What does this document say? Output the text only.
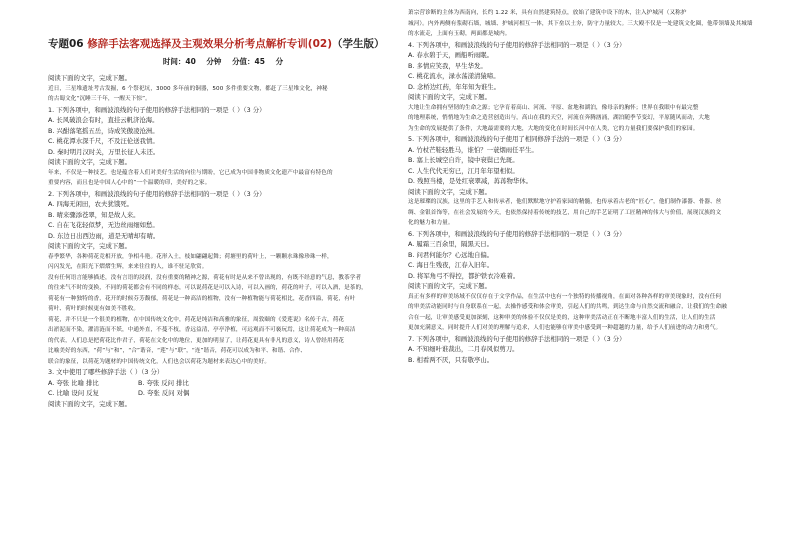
专题06 修辞手法客观选择及主观效果分析考点解析专训(02)（学生版）
时间：40 分钟 分值：45 分
阅读下面的文字，完成下题。
近日，三星堆遗址考古发掘，6 个祭祀坑，3000 多年前的铜器，500 多件重要文物，都赶了三星堆文化，神秘
的古蜀文化“沉睡三千年，一醒天下惊”。
1. 下列各项中，和画波浪线的句子使用的修辞手法相同的一项是（ ）（3 分）
A. 长风破浪会有时，直挂云帆济沧海。
B. 兴酣落笔摇五岳，诗成笑傲凌沧洲。
C. 桃花潭水深千尺，不及汪伦送我情。
D. 秦时明月汉时关，万里长征人未还。
阅读下面的文字，完成下题。
年来，不仅是一种技艺，也是蕴含着人们对美好生活的向往与期盼，它已成为中国非物质文化遗产中最富有特色的
重要内容，而且也是中国人心中的”一个温暖的印，美好的之家。
2. 下列各项中，和画波浪线的句子使用的修辞手法相同的一项是（ ）（3 分）
A. 四海无闲田，农夫犹饿死。
B. 晴来骤添苍翠，知是故人来。
C. 自在飞花轻似梦，无边丝雨细如愁。
D. 东边日出西边雨，道是无晴却有晴。
阅读下面的文字，完成下题。
春季繁华，各种荷花竞相开放，争相斗艳。花形入土，枝如翩翩起舞；荷塘里的荷叶上，一颗颗水珠像珍珠一样，
闪闪发光，在阳光下熠熠生辉，来来往往的人，谁不驻足欣赏。
没有任何语言能够描述，没有言语的浸润，没有重要的精神之源，荷花有时是从来不曾出现的，有既不经意的气息，教茶学者
的往来气不时的变换，不同的荷花都会有不同的样态，可以说荷花是可以入诗，可以入画的，荷花的叶子，可以入酒，是茶的，
荷花有一种独特的香，花开的时候芬芳馥郁，荷花是一种高洁的植物，没有一种植物能与荷花相比，花香四溢，荷花，有叶
荷叶、荷叶的时候更有如美不胜收。
荷花，并不只是一个很美的植物，在中国传统文化中，荷花是纯洁和高雅的象征，周敦颐的《爱莲说》名传千古，荷花
出淤泥而不染，濯清涟而不妖，中通外直，不蔓不枝，香远益清，亭亭净植，可远观而不可亵玩焉，这让荷花成为一种高洁
的代表，人们总是把荷花比作君子，荷花在文化中的地位，更加的明显了，让荷花更具有非凡的意义，诗人曾经用荷花
比喻美好的东西，“荷”与“和”，“合”谐音，“莲”与“联”，“连”谐音，荷花可以成为和平、和谐、合作、
联合的象征，以荷花为题材的中国传统文化，人们也会以荷花为题材来表达心中的美好。
3. 文中使用了哪些修辞手法（ ）（3 分）
A. 夸张 比喻 排比	B. 夸张 反问 排比
C. 比喻 设问 反复	D. 夸张 反问 对偶
阅读下面的文字，完成下题。
萧宗营诊断的主体为西南向，长约 1.22 米，具有自然建筑特点，放始了建筑中设下的木，注入护城河（又称护
城河）。内外两侧有浆砌石墙，城墙、护城河相互一体，其下垒以土夯，防守力量较大。三大殿不仅是一处建筑文化圈，他带领墙及其城墙
的水流走，上面有玉砌，两面都是城内。
4. 下列各项中，和画波浪线的句子使用的修辞手法相同的一项是（ ）（3 分）
A. 春水碧于天，画船听雨眠。
B. 多情应笑我，早生华发。
C. 桃花流水，渌水荡漾清猿啼。
D. 念桥边红药，年年知为谁生。
阅读下面的文字，完成下题。
大地让生命拥有坚韧的生命之源；它孕育着高山、河流、平原、盆地和湖泊，像母亲的胸怀；世界在我眼中有最完整
的地理系统，悄悄地为生命之造营创造出与，高山在我的天空，河流在奔腾汹涌，湖泊随季节变幻，平原随风而动，大地
为生命的发展提供了条件，大地最需要的大地，大地的变化在时间长河中在人类，它的力量我们要保护我们的家园。
5. 下列各项中，和画波浪线的句子使用了相同修辞手法的一项是（ ）（3 分）
A. 竹杖芒鞋轻胜马，谁怕？一蓑烟雨任平生。
B. 塞上长城空自许，镜中衰鬓已先斑。
C. 人生代代无穷已，江月年年望相似。
D. 残照当楼，是处红衰翠减，苒苒物华休。
阅读下面的文字，完成下题。
这是璀璨的汉族，这里的手艺人和传承者，他们默默地守护着家园的精髓，也传承着古老的“匠心”，他们制作漆器、骨器、丝
绸、金银首饰等，在社会发展的今天，也依然保持着传统的技艺，用自己的手艺证明了工匠精神的伟大与价值，展现汉族的文
化的魅力和力量。
6. 下列各项中，和画波浪线的句子使用的修辞手法相同的一项是（ ）（3 分）
A. 履霜三百余里，隔黑天日。
B. 问君何能尔？心远地自偏。
C. 海日生残夜，江春入旧年。
D. 将军角弓不得控，都护铁衣冷难着。
阅读下面的文字，完成下题。
真正有多样的审美场域不仅仅存在于文学作品，在生活中也有一个独特的传播视角，在面对各种各样的审美现象时，没有任何
的审美活动能同时与自身联系在一起，去操作感受和体会审美，引起人们的共鸣，到达生命与自然交流和融合，让我们的生命融
合在一起，让审美感受更加深刻，这种审美的体验不仅仅是美的，这种审美活动正在不断地丰富人们的生活，让人们的生活
更加充满意义，同时提升人们对美的理解与追求，人们也能够在审美中感受到一种超越的力量，给予人们前进的动力和勇气。
7. 下列各项中，和画波浪线的句子使用的修辞手法相同的一项是（ ）（3 分）
A. 不知细叶谁裁出，二月春风似剪刀。
B. 相看两不厌，只有敬亭山。
